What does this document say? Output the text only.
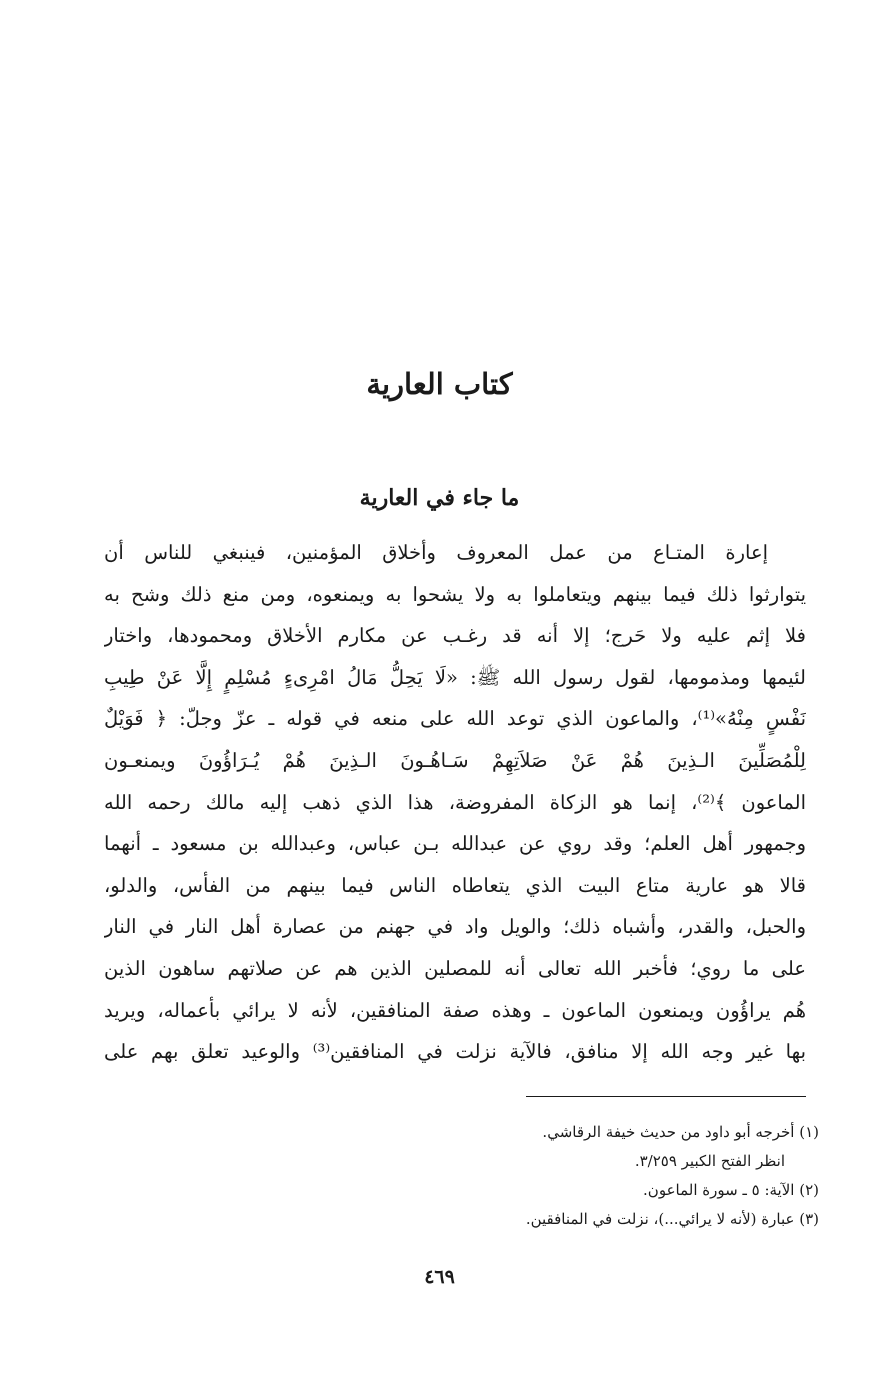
كتاب العارية
ما جاء في العارية
إعارة المتـاع من عمل المعروف وأخلاق المؤمنين، فينبغي للناس أن
يتوارثوا ذلك فيما بينهم ويتعاملوا به ولا يشحوا به ويمنعوه، ومن منع ذلك وشح به
فلا إثم عليه ولا حَرج؛ إلا أنه قد رغـب عن مكارم الأخلاق ومحمودها، واختار
لئيمها ومذمومها، لقول رسول الله ﷺ: «لَا يَحِلُّ مَالُ امْرِىءٍ مُسْلِمٍ إِلَّا عَنْ طِيبِ
نَفْسٍ مِنْهُ»⁽¹⁾، والماعون الذي توعد الله على منعه في قوله ـ عزّ وجلّ: ﴿ فَوَيْلٌ
لِلْمُصَلِّينَ الـذِينَ هُمْ عَنْ صَلاَتِهِمْ سَـاهُـونَ الـذِينَ هُمْ يُـرَاؤُونَ ويمنعـون
الماعون ﴾⁽²⁾، إنما هو الزكاة المفروضة، هذا الذي ذهب إليه مالك رحمه الله
وجمهور أهل العلم؛ وقد روي عن عبدالله بـن عباس، وعبدالله بن مسعود ـ أنهما
قالا هو عارية متاع البيت الذي يتعاطاه الناس فيما بينهم من الفأس، والدلو،
والحبل، والقدر، وأشباه ذلك؛ والويل واد في جهنم من عصارة أهل النار في النار
على ما روي؛ فأخبر الله تعالى أنه للمصلين الذين هم عن صلاتهم ساهون الذين
هُم يراؤُون ويمنعون الماعون ـ وهذه صفة المنافقين، لأنه لا يرائي بأعماله، ويريد
بها غير وجه الله إلا منافق، فالآية نزلت في المنافقين⁽³⁾ والوعيد تعلق بهم على
(١) أخرجه أبو داود من حديث خيفة الرقاشي.
انظر الفتح الكبير ٣/٢٥٩.
(٢) الآية: ٥ ـ سورة الماعون.
(٣) عبارة (لأنه لا يرائي...)، نزلت في المنافقين.
٤٦٩
